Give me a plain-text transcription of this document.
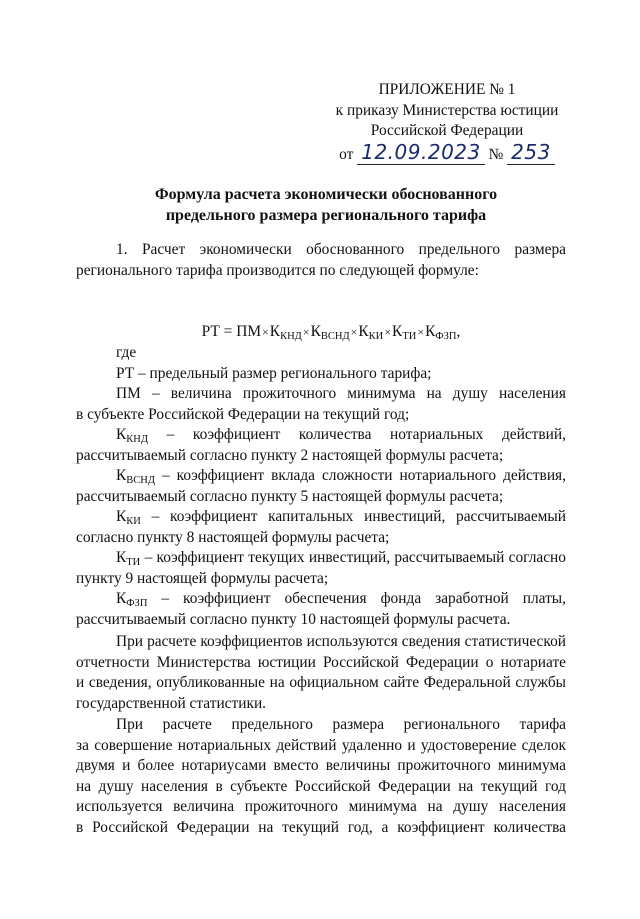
ПРИЛОЖЕНИЕ № 1
к приказу Министерства юстиции
Российской Федерации
от 12.09.2023 № 253
Формула расчета экономически обоснованного
предельного размера регионального тарифа

1. Расчет экономически обоснованного предельного размера

регионального тарифа производится по следующей формуле:

РТ = $ПМ\times К_{КНД}\times К_{ВСНД}\times К_{КИ}\times К_{ТИ}\times К_{ФЗП}$,

где

РТ – предельный размер регионального тарифа;

ПМ – величина прожиточного минимума на душу населения

в субъекте Российской Федерации на текущий год;

$К_{КНД}$ – коэффициент количества нотариальных действий,

рассчитываемый согласно пункту 2 настоящей формулы расчета;

$К_{ВСНД}$ – коэффициент вклада сложности нотариального действия,

рассчитываемый согласно пункту 5 настоящей формулы расчета;

$К_{КИ}$ – коэффициент капитальных инвестиций, рассчитываемый

согласно пункту 8 настоящей формулы расчета;

$К_{ТИ}$ – коэффициент текущих инвестиций, рассчитываемый согласно

пункту 9 настоящей формулы расчета;

$К_{ФЗП}$ – коэффициент обеспечения фонда заработной платы,

рассчитываемый согласно пункту 10 настоящей формулы расчета.

При расчете коэффициентов используются сведения статистической

отчетности Министерства юстиции Российской Федерации о нотариате

и сведения, опубликованные на официальном сайте Федеральной службы

государственной статистики.

При расчете предельного размера регионального тарифа

за совершение нотариальных действий удаленно и удостоверение сделок

двумя и более нотариусами вместо величины прожиточного минимума

на душу населения в субъекте Российской Федерации на текущий год

используется величина прожиточного минимума на душу населения

в Российской Федерации на текущий год, а коэффициент количества
